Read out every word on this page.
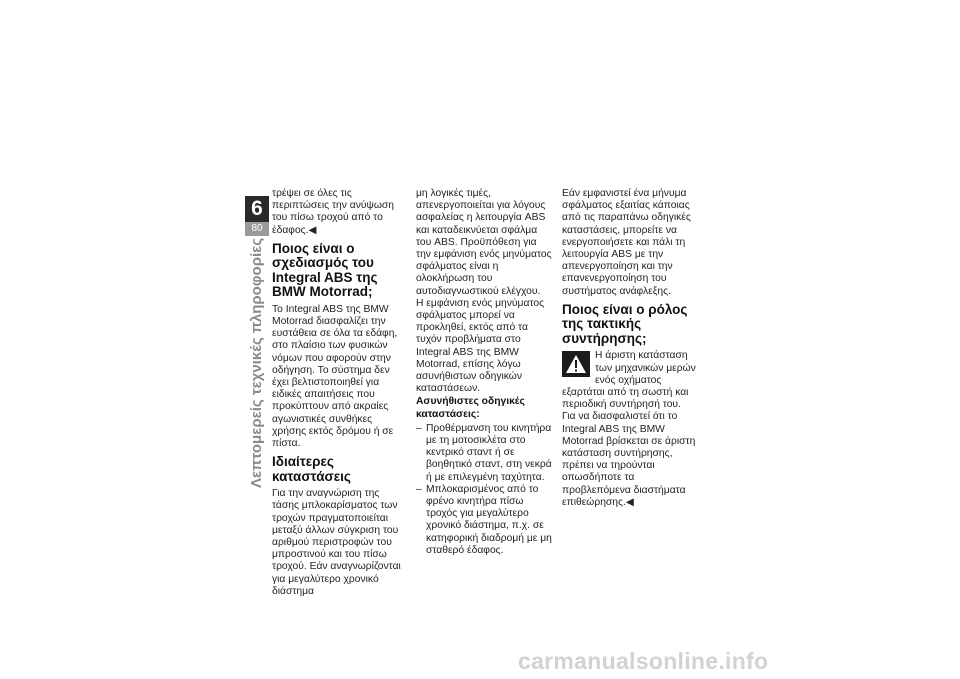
6
80
Λεπτομερείς τεχνικές πληροφορίες

τρέψει σε όλες τις περιπτώσεις την ανύψωση του πίσω τροχού από το έδαφος.◀

Ποιος είναι ο σχεδιασμός του Integral ABS της BMW Motorrad;

Το Integral ABS της BMW Motorrad διασφαλίζει την ευστάθεια σε όλα τα εδάφη, στο πλαίσιο των φυσικών νόμων που αφορούν στην οδήγηση. Το σύστημα δεν έχει βελτιστοποιηθεί για ειδικές απαιτήσεις που προκύπτουν από ακραίες αγωνιστικές συνθήκες χρήσης εκτός δρόμου ή σε πίστα.

Ιδιαίτερες καταστάσεις

Για την αναγνώριση της τάσης μπλοκαρίσματος των τροχών πραγματοποιείται μεταξύ άλλων σύγκριση του αριθμού περιστροφών του μπροστινού και του πίσω τροχού. Εάν αναγνωρίζονται για μεγαλύτερο χρονικό διάστημα

μη λογικές τιμές, απενεργοποιείται για λόγους ασφαλείας η λειτουργία ABS και καταδεικνύεται σφάλμα του ABS. Προϋπόθεση για την εμφάνιση ενός μηνύματος σφάλματος είναι η ολοκλήρωση του αυτοδιαγνωστικού ελέγχου.

Η εμφάνιση ενός μηνύματος σφάλματος μπορεί να προκληθεί, εκτός από τα τυχόν προβλήματα στο Integral ABS της BMW Motorrad, επίσης λόγω ασυνήθιστων οδηγικών καταστάσεων.

Ασυνήθιστες οδηγικές καταστάσεις:
– Προθέρμανση του κινητήρα με τη μοτοσικλέτα στο κεντρικό σταντ ή σε βοηθητικό σταντ, στη νεκρά ή με επιλεγμένη ταχύτητα.
– Μπλοκαρισμένος από το φρένο κινητήρα πίσω τροχός για μεγαλύτερο χρονικό διάστημα, π.χ. σε κατηφορική διαδρομή με μη σταθερό έδαφος.

Εάν εμφανιστεί ένα μήνυμα σφάλματος εξαιτίας κάποιας από τις παραπάνω οδηγικές καταστάσεις, μπορείτε να ενεργοποιήσετε και πάλι τη λειτουργία ABS με την απενεργοποίηση και την επανενεργοποίηση του συστήματος ανάφλεξης.

Ποιος είναι ο ρόλος της τακτικής συντήρησης;

Η άριστη κατάσταση των μηχανικών μερών ενός οχήματος εξαρτάται από τη σωστή και περιοδική συντήρησή του.

Για να διασφαλιστεί ότι το Integral ABS της BMW Motorrad βρίσκεται σε άριστη κατάσταση συντήρησης, πρέπει να τηρούνται οπωσδήποτε τα προβλεπόμενα διαστήματα επιθεώρησης.◀

carmanualsonline.info
